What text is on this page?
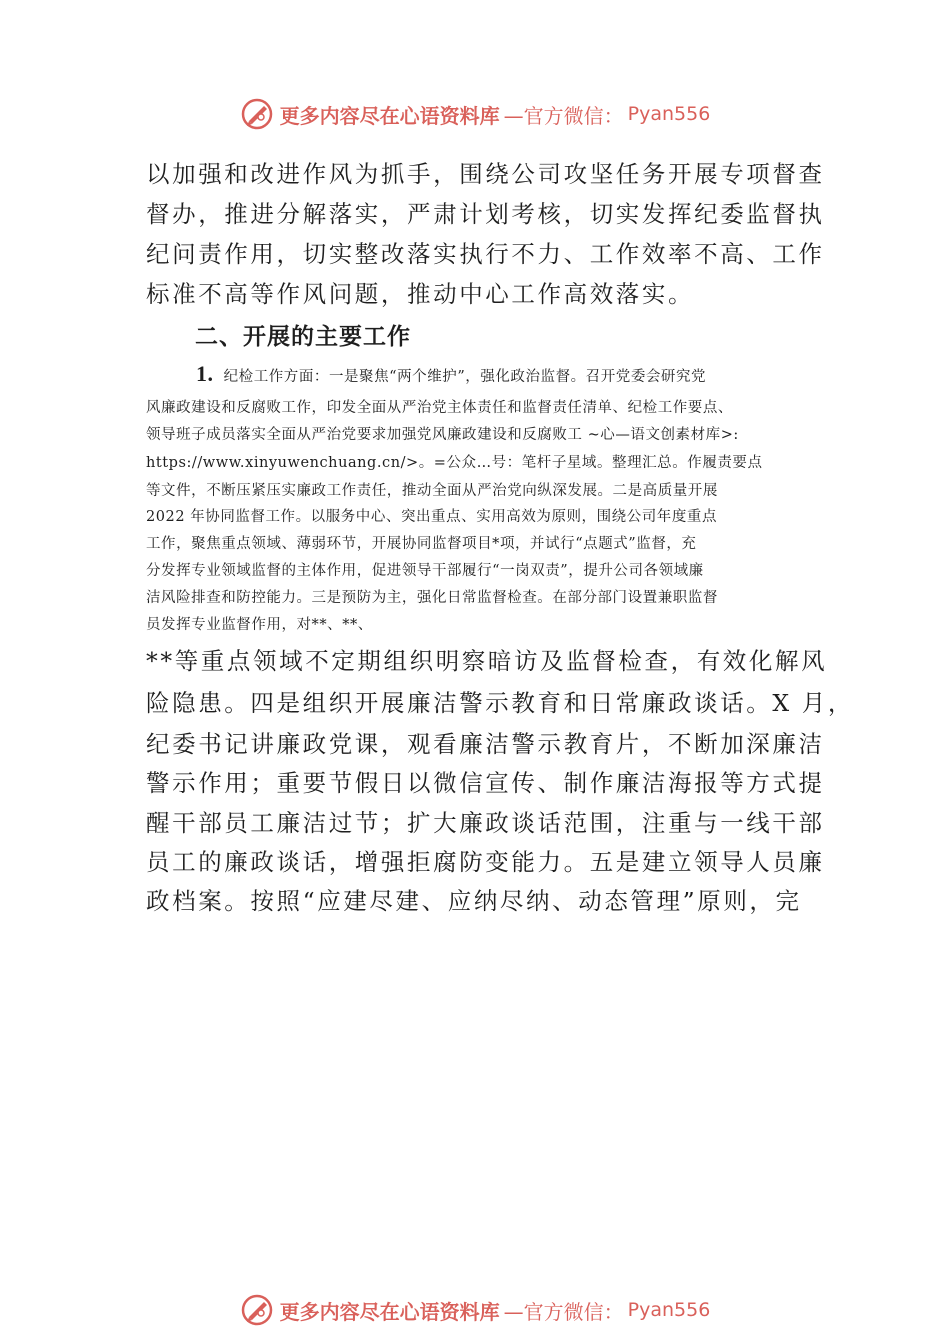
更多内容尽在心语资料库 —官方微信： Pyan556
以加强和改进作风为抓手，围绕公司攻坚任务开展专项督查
督办，推进分解落实，严肃计划考核，切实发挥纪委监督执
纪问责作用，切实整改落实执行不力、工作效率不高、工作
标准不高等作风问题，推动中心工作高效落实。
二、开展的主要工作
1. 纪检工作方面：一是聚焦“两个维护”，强化政治监督。召开党委会研究党
风廉政建设和反腐败工作，印发全面从严治党主体责任和监督责任清单、纪检工作要点、
领导班子成员落实全面从严治党要求加强党风廉政建设和反腐败工 ~心—语文创素材库>:
https://www.xinyuwenchuang.cn/>。=公众…号：笔杆子星域。整理汇总。作履责要点
等文件，不断压紧压实廉政工作责任，推动全面从严治党向纵深发展。二是高质量开展
2022 年协同监督工作。以服务中心、突出重点、实用高效为原则，围绕公司年度重点
工作，聚焦重点领域、薄弱环节，开展协同监督项目*项，并试行“点题式”监督，充
分发挥专业领域监督的主体作用，促进领导干部履行“一岗双责”，提升公司各领域廉
洁风险排查和防控能力。三是预防为主，强化日常监督检查。在部分部门设置兼职监督
员发挥专业监督作用，对**、**、
**等重点领域不定期组织明察暗访及监督检查，有效化解风
险隐患。四是组织开展廉洁警示教育和日常廉政谈话。X 月，
纪委书记讲廉政党课，观看廉洁警示教育片，不断加深廉洁
警示作用；重要节假日以微信宣传、制作廉洁海报等方式提
醒干部员工廉洁过节；扩大廉政谈话范围，注重与一线干部
员工的廉政谈话，增强拒腐防变能力。五是建立领导人员廉
政档案。按照“应建尽建、应纳尽纳、动态管理”原则，完
更多内容尽在心语资料库 —官方微信： Pyan556
